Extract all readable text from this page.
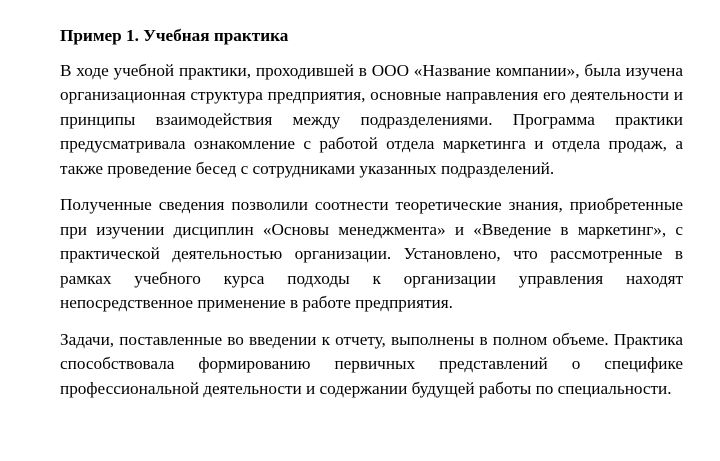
Пример 1. Учебная практика

В ходе учебной практики, проходившей в ООО «Название компании», была изучена организационная структура предприятия, основные направления его деятельности и принципы взаимодействия между подразделениями. Программа практики предусматривала ознакомление с работой отдела маркетинга и отдела продаж, а также проведение бесед с сотрудниками указанных подразделений.

Полученные сведения позволили соотнести теоретические знания, приобретенные при изучении дисциплин «Основы менеджмента» и «Введение в маркетинг», с практической деятельностью организации. Установлено, что рассмотренные в рамках учебного курса подходы к организации управления находят непосредственное применение в работе предприятия.

Задачи, поставленные во введении к отчету, выполнены в полном объеме. Практика способствовала формированию первичных представлений о специфике профессиональной деятельности и содержании будущей работы по специальности.
